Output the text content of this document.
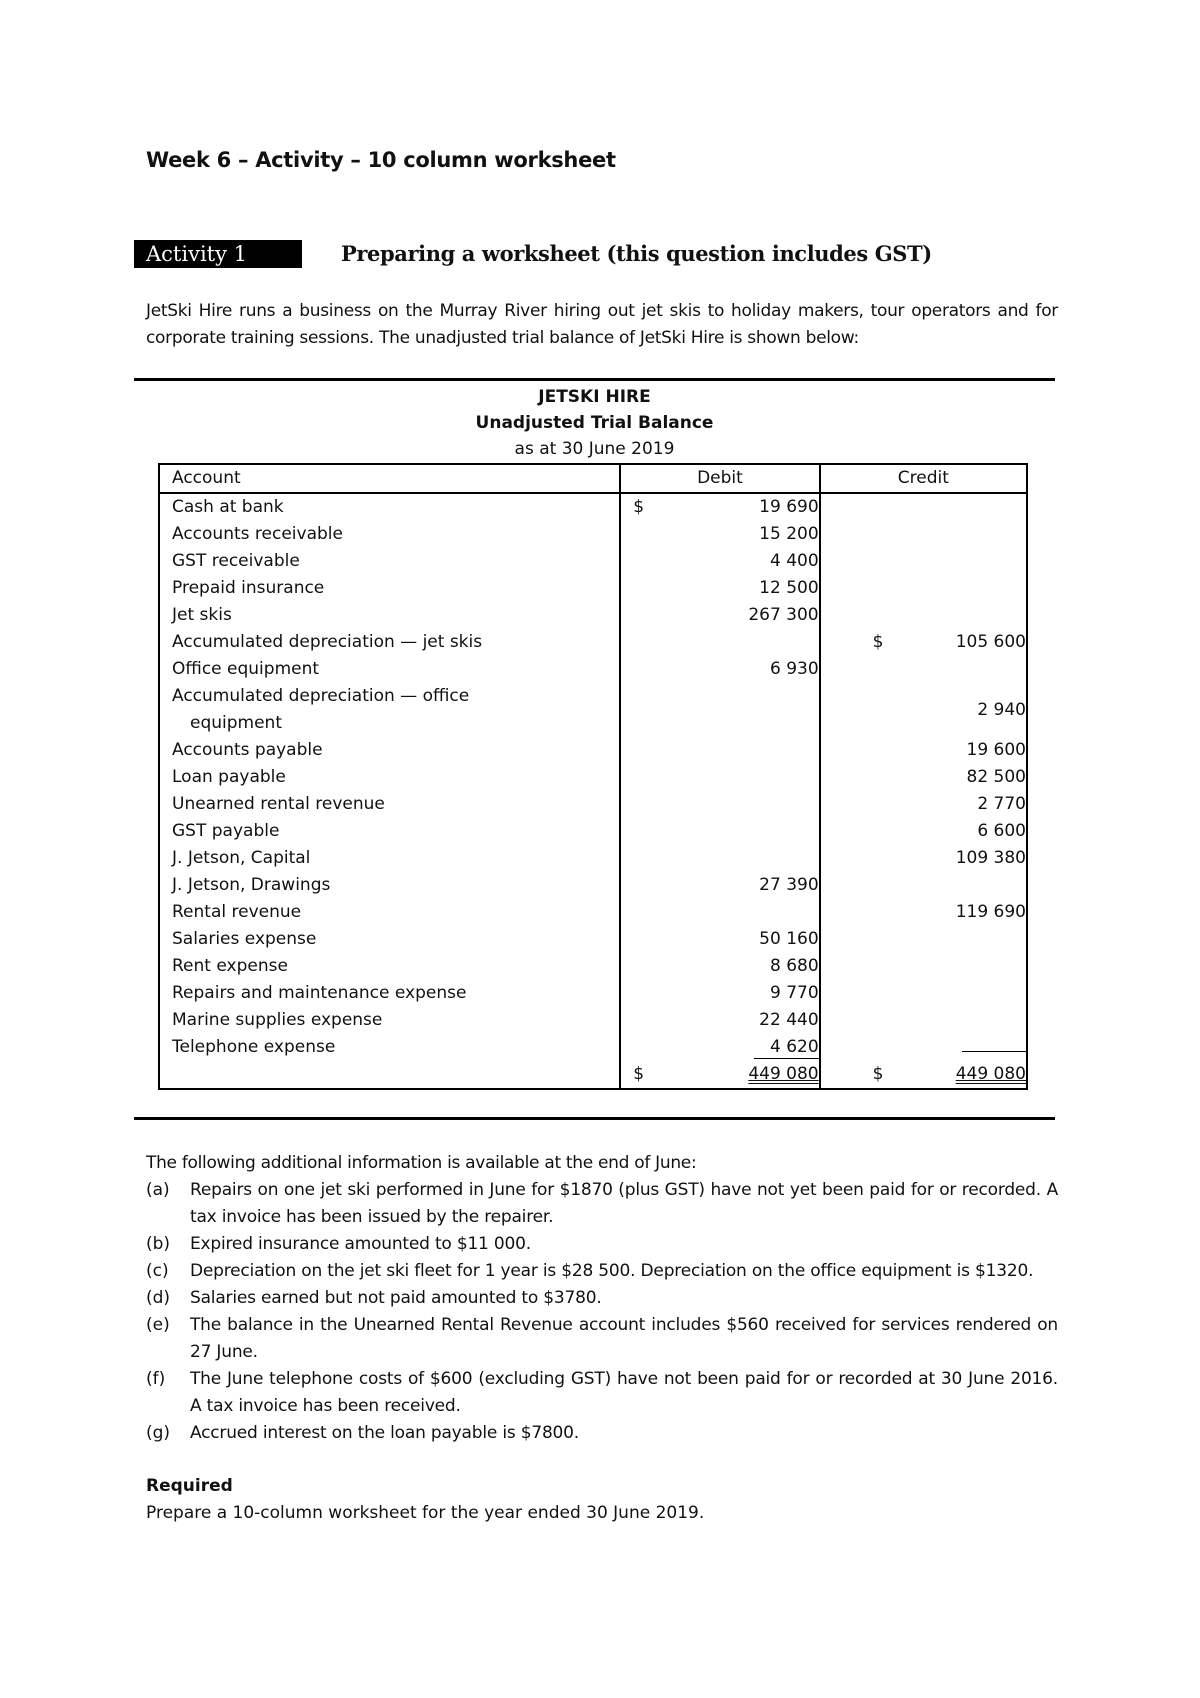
Week 6 – Activity – 10 column worksheet
Activity 1	Preparing a worksheet (this question includes GST)
JetSki Hire runs a business on the Murray River hiring out jet skis to holiday makers, tour operators and for corporate training sessions. The unadjusted trial balance of JetSki Hire is shown below:
JETSKI HIRE
Unadjusted Trial Balance
as at 30 June 2019
Account	Debit	Credit
Cash at bank	$ 19 690	
Accounts receivable	15 200	
GST receivable	4 400	
Prepaid insurance	12 500	
Jet skis	267 300	
Accumulated depreciation — jet skis		$ 105 600
Office equipment	6 930	
Accumulated depreciation — office
equipment		2 940
Accounts payable		19 600
Loan payable		82 500
Unearned rental revenue		2 770
GST payable		6 600
J. Jetson, Capital		109 380
J. Jetson, Drawings	27 390	
Rental revenue		119 690
Salaries expense	50 160	
Rent expense	8 680	
Repairs and maintenance expense	9 770	
Marine supplies expense	22 440	
Telephone expense	4 620	

	$ 449 080	$ 449 080
The following additional information is available at the end of June:
(a)	Repairs on one jet ski performed in June for $1870 (plus GST) have not yet been paid for or recorded. A tax invoice has been issued by the repairer.
(b)	Expired insurance amounted to $11 000.
(c)	Depreciation on the jet ski fleet for 1 year is $28 500. Depreciation on the office equipment is $1320.
(d)	Salaries earned but not paid amounted to $3780.
(e)	The balance in the Unearned Rental Revenue account includes $560 received for services rendered on 27 June.
(f)	The June telephone costs of $600 (excluding GST) have not been paid for or recorded at 30 June 2016. A tax invoice has been received.
(g)	Accrued interest on the loan payable is $7800.
Required
Prepare a 10-column worksheet for the year ended 30 June 2019.
